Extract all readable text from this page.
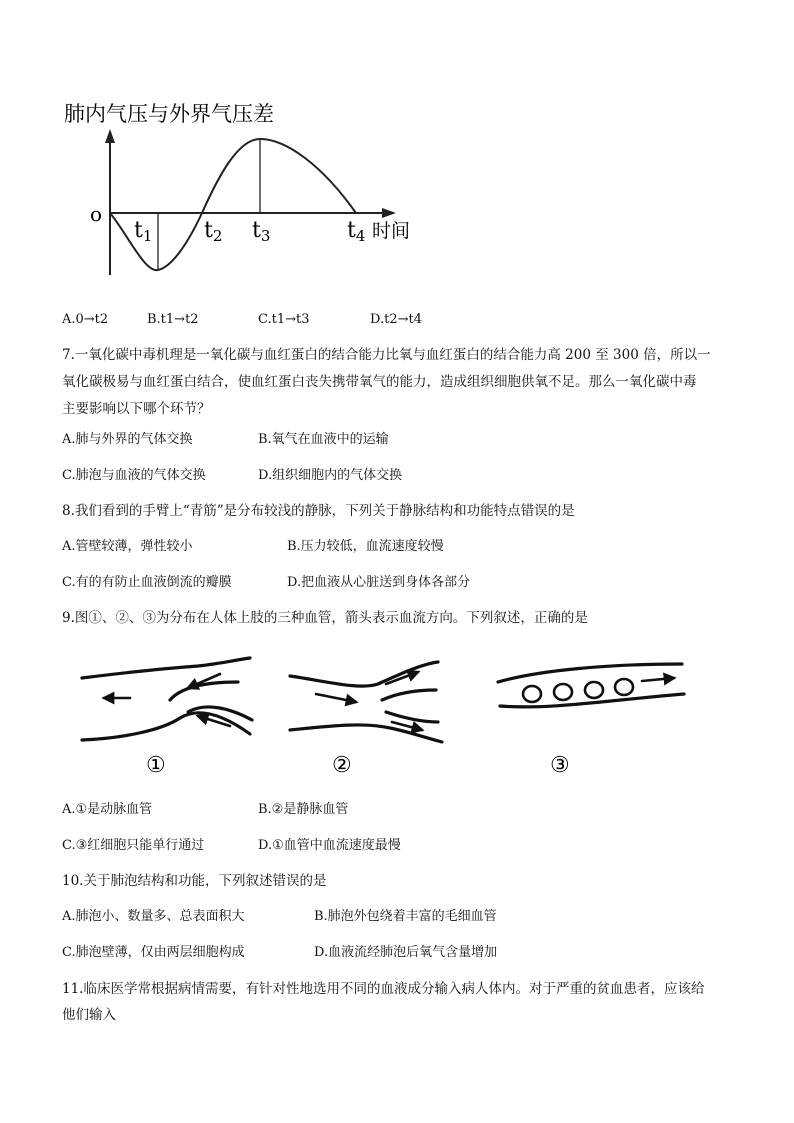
肺内气压与外界气压差
o
t1 t2 t3	t4 时间
A.0→t2	B.t1→t2	C.t1→t3	D.t2→t4
7.一氧化碳中毒机理是一氧化碳与血红蛋白的结合能力比氧与血红蛋白的结合能力高 200 至 300 倍，所以一
氧化碳极易与血红蛋白结合，使血红蛋白丧失携带氧气的能力，造成组织细胞供氧不足。那么一氧化碳中毒
主要影响以下哪个环节？
A.肺与外界的气体交换	B.氧气在血液中的运输
C.肺泡与血液的气体交换	D.组织细胞内的气体交换
8.我们看到的手臂上“青筋”是分布较浅的静脉，下列关于静脉结构和功能特点错误的是
A.管壁较薄，弹性较小	B.压力较低，血流速度较慢
C.有的有防止血液倒流的瓣膜	D.把血液从心脏送到身体各部分
9.图①、②、③为分布在人体上肢的三种血管，箭头表示血流方向。下列叙述，正确的是
①	②	③
A.①是动脉血管	B.②是静脉血管
C.③红细胞只能单行通过	D.①血管中血流速度最慢
10.关于肺泡结构和功能，下列叙述错误的是
A.肺泡小、数量多、总表面积大	B.肺泡外包绕着丰富的毛细血管
C.肺泡壁薄，仅由两层细胞构成	D.血液流经肺泡后氧气含量增加
11.临床医学常根据病情需要，有针对性地选用不同的血液成分输入病人体内。对于严重的贫血患者，应该给
他们输入
